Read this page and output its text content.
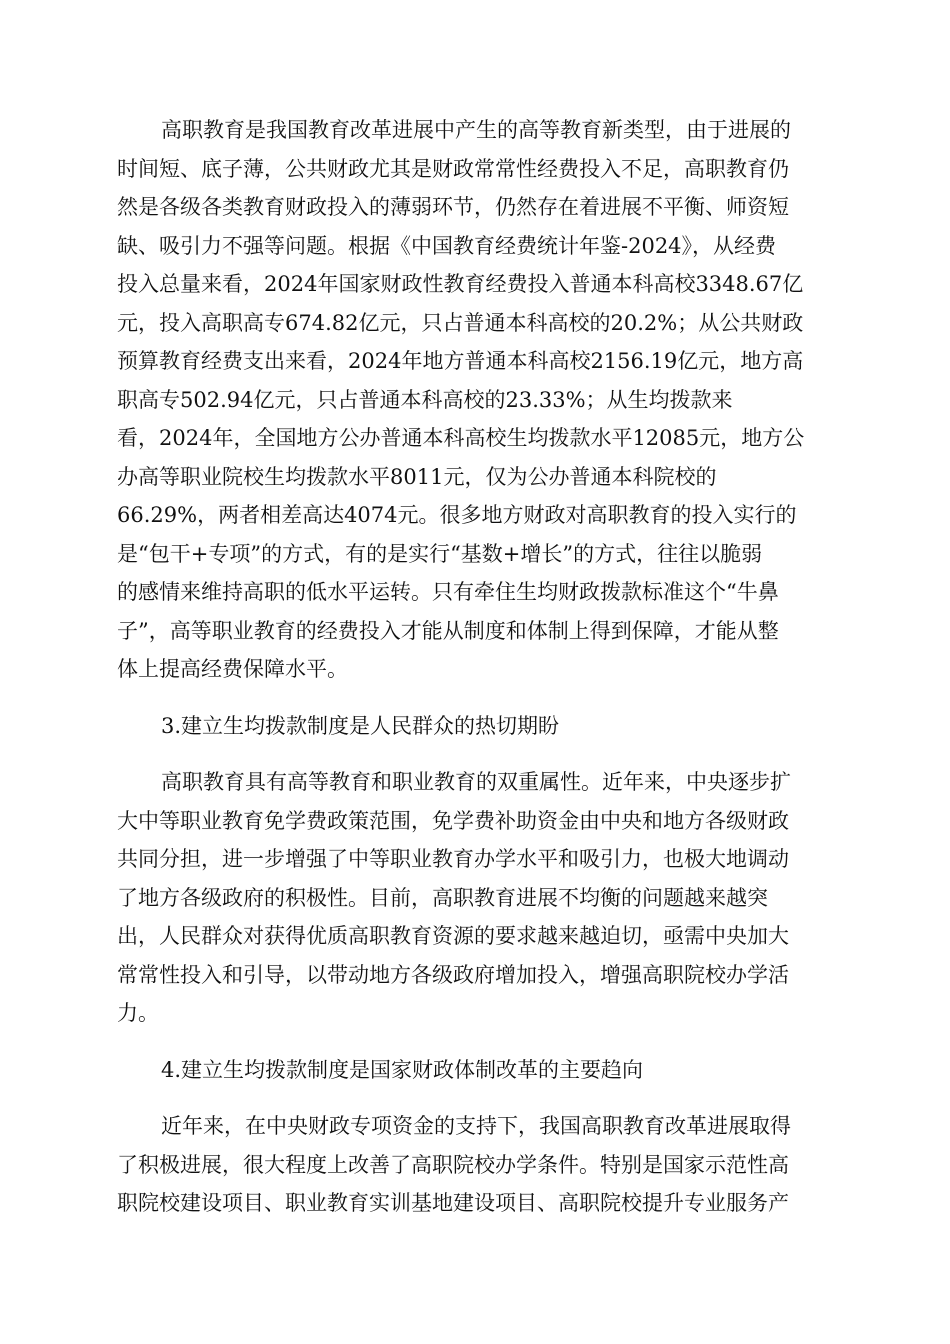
高职教育是我国教育改革进展中产生的高等教育新类型，由于进展的
时间短、底子薄，公共财政尤其是财政常常性经费投入不足，高职教育仍
然是各级各类教育财政投入的薄弱环节，仍然存在着进展不平衡、师资短
缺、吸引力不强等问题。根据《中国教育经费统计年鉴-2024》，从经费
投入总量来看，2024年国家财政性教育经费投入普通本科高校3348.67亿
元，投入高职高专674.82亿元，只占普通本科高校的20.2%；从公共财政
预算教育经费支出来看，2024年地方普通本科高校2156.19亿元，地方高
职高专502.94亿元，只占普通本科高校的23.33%；从生均拨款来
看，2024年，全国地方公办普通本科高校生均拨款水平12085元，地方公
办高等职业院校生均拨款水平8011元，仅为公办普通本科院校的
66.29%，两者相差高达4074元。很多地方财政对高职教育的投入实行的
是“包干+专项”的方式，有的是实行“基数+增长”的方式，往往以脆弱
的感情来维持高职的低水平运转。只有牵住生均财政拨款标准这个“牛鼻
子”，高等职业教育的经费投入才能从制度和体制上得到保障，才能从整
体上提高经费保障水平。
3.建立生均拨款制度是人民群众的热切期盼
高职教育具有高等教育和职业教育的双重属性。近年来，中央逐步扩
大中等职业教育免学费政策范围，免学费补助资金由中央和地方各级财政
共同分担，进一步增强了中等职业教育办学水平和吸引力，也极大地调动
了地方各级政府的积极性。目前，高职教育进展不均衡的问题越来越突
出，人民群众对获得优质高职教育资源的要求越来越迫切，亟需中央加大
常常性投入和引导，以带动地方各级政府增加投入，增强高职院校办学活
力。
4.建立生均拨款制度是国家财政体制改革的主要趋向
近年来，在中央财政专项资金的支持下，我国高职教育改革进展取得
了积极进展，很大程度上改善了高职院校办学条件。特别是国家示范性高
职院校建设项目、职业教育实训基地建设项目、高职院校提升专业服务产
